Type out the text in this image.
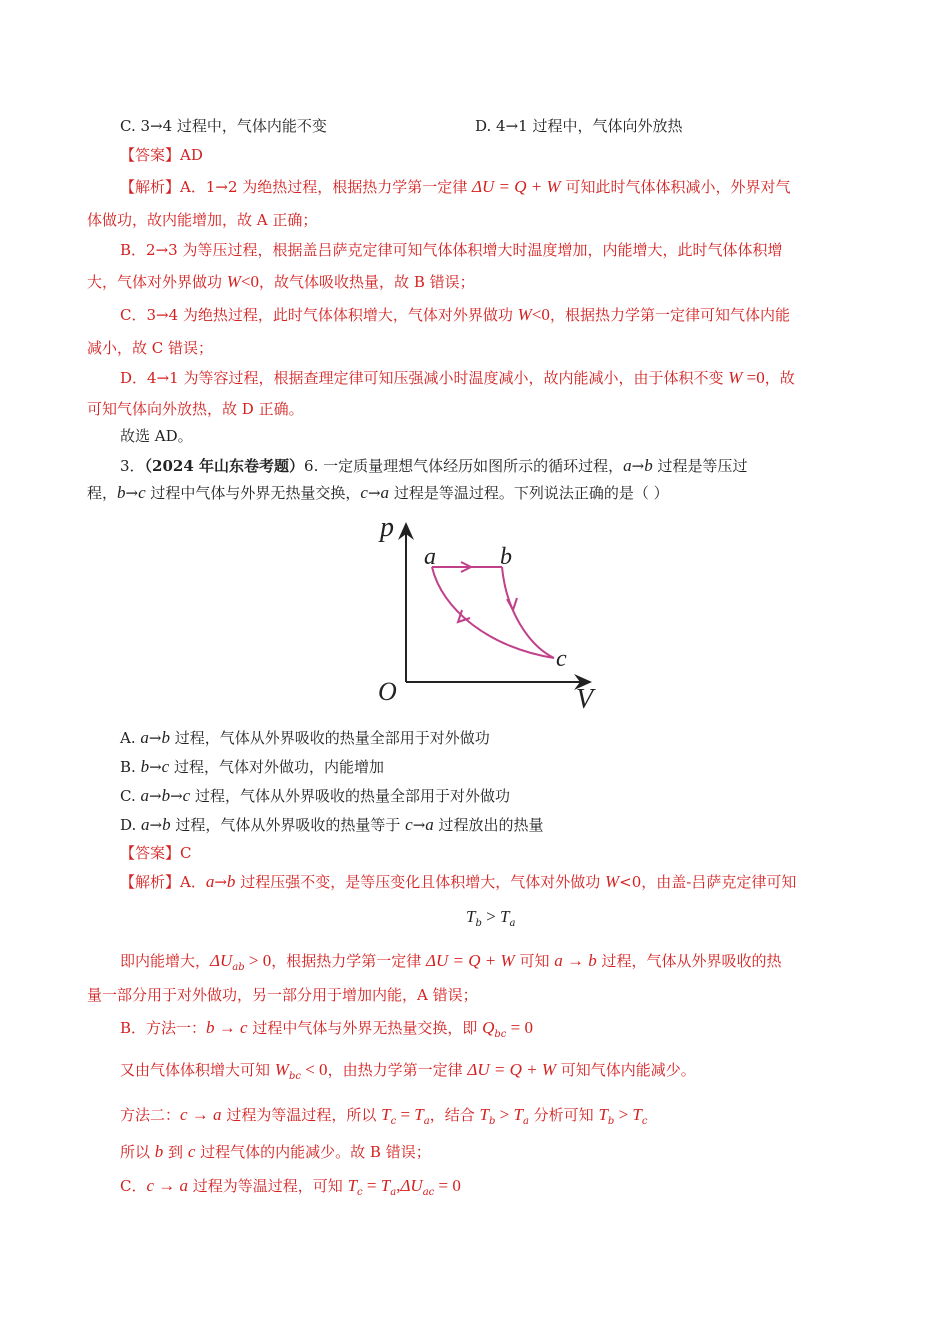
C. 3→4 过程中，气体内能不变	D. 4→1 过程中，气体向外放热
【答案】AD
【解析】A．1→2 为绝热过程，根据热力学第一定律 ΔU = Q + W 可知此时气体体积减小，外界对气
体做功，故内能增加，故 A 正确；
B．2→3 为等压过程，根据盖吕萨克定律可知气体体积增大时温度增加，内能增大，此时气体体积增
大，气体对外界做功 W<0，故气体吸收热量，故 B 错误；
C．3→4 为绝热过程，此时气体体积增大，气体对外界做功 W<0，根据热力学第一定律可知气体内能
减小，故 C 错误；
D．4→1 为等容过程，根据查理定律可知压强减小时温度减小，故内能减小，由于体积不变 W =0，故
可知气体向外放热，故 D 正确。
故选 AD。
3．（2024 年山东卷考题）6. 一定质量理想气体经历如图所示的循环过程，a→b 过程是等压过
程，b→c 过程中气体与外界无热量交换，c→a 过程是等温过程。下列说法正确的是（ ）
A. a→b 过程，气体从外界吸收的热量全部用于对外做功
B. b→c 过程，气体对外做功，内能增加
C. a→b→c 过程，气体从外界吸收的热量全部用于对外做功
D. a→b 过程，气体从外界吸收的热量等于 c→a 过程放出的热量
【答案】C
【解析】A．a→b 过程压强不变，是等压变化且体积增大，气体对外做功 W<0，由盖-吕萨克定律可知
$T_b > T_a$
即内能增大，$\Delta U_{ab} > 0$，根据热力学第一定律 ΔU = Q + W 可知 a → b 过程，气体从外界吸收的热
量一部分用于对外做功，另一部分用于增加内能，A 错误；
B．方法一：b → c 过程中气体与外界无热量交换，即 $Q_{bc} = 0$
又由气体体积增大可知 $W_{bc} < 0$，由热力学第一定律 ΔU = Q + W 可知气体内能减少。
方法二：c → a 过程为等温过程，所以 $T_c = T_a$，结合 $T_b > T_a$ 分析可知 $T_b > T_c$
所以 b 到 c 过程气体的内能减少。故 B 错误；
C．c → a 过程为等温过程，可知 $T_c = T_a,\Delta U_{ac} = 0$
p
V
O
a	b
c
